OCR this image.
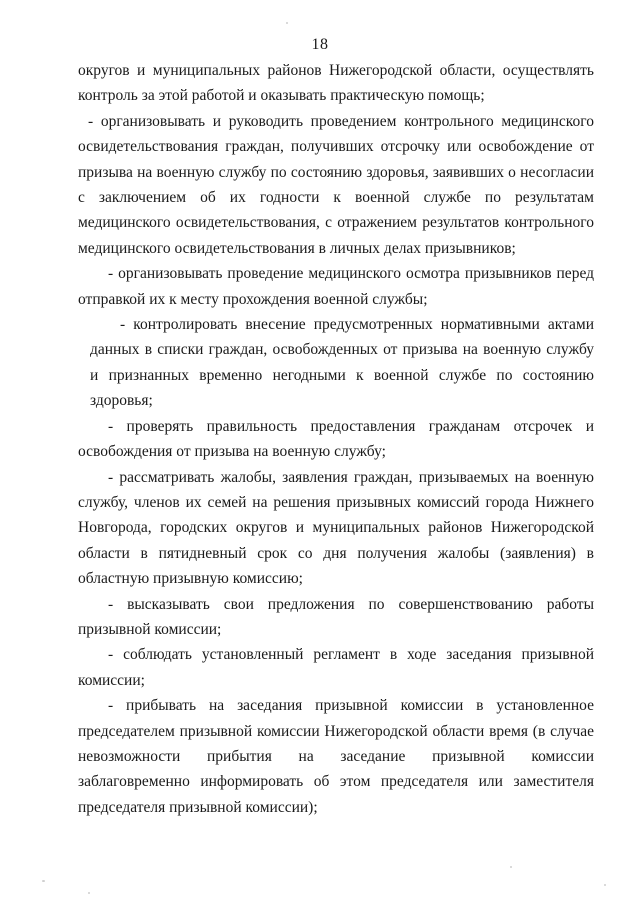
18

округов и муниципальных районов Нижегородской области, осуществлять контроль за этой работой и оказывать практическую помощь;

- организовывать и руководить проведением контрольного медицинского освидетельствования граждан, получивших отсрочку или освобождение от призыва на военную службу по состоянию здоровья, заявивших о несогласии с заключением об их годности к военной службе по результатам медицинского освидетельствования, с отражением результатов контрольного медицинского освидетельствования в личных делах призывников;

- организовывать проведение медицинского осмотра призывников перед отправкой их к месту прохождения военной службы;

- контролировать внесение предусмотренных нормативными актами данных в списки граждан, освобожденных от призыва на военную службу и признанных временно негодными к военной службе по состоянию здоровья;

- проверять правильность предоставления гражданам отсрочек и освобождения от призыва на военную службу;

- рассматривать жалобы, заявления граждан, призываемых на военную службу, членов их семей на решения призывных комиссий города Нижнего Новгорода, городских округов и муниципальных районов Нижегородской области в пятидневный срок со дня получения жалобы (заявления) в областную призывную комиссию;

- высказывать свои предложения по совершенствованию работы призывной комиссии;

- соблюдать установленный регламент в ходе заседания призывной комиссии;

- прибывать на заседания призывной комиссии в установленное председателем призывной комиссии Нижегородской области время (в случае невозможности прибытия на заседание призывной комиссии заблаговременно информировать об этом председателя или заместителя председателя призывной комиссии);
